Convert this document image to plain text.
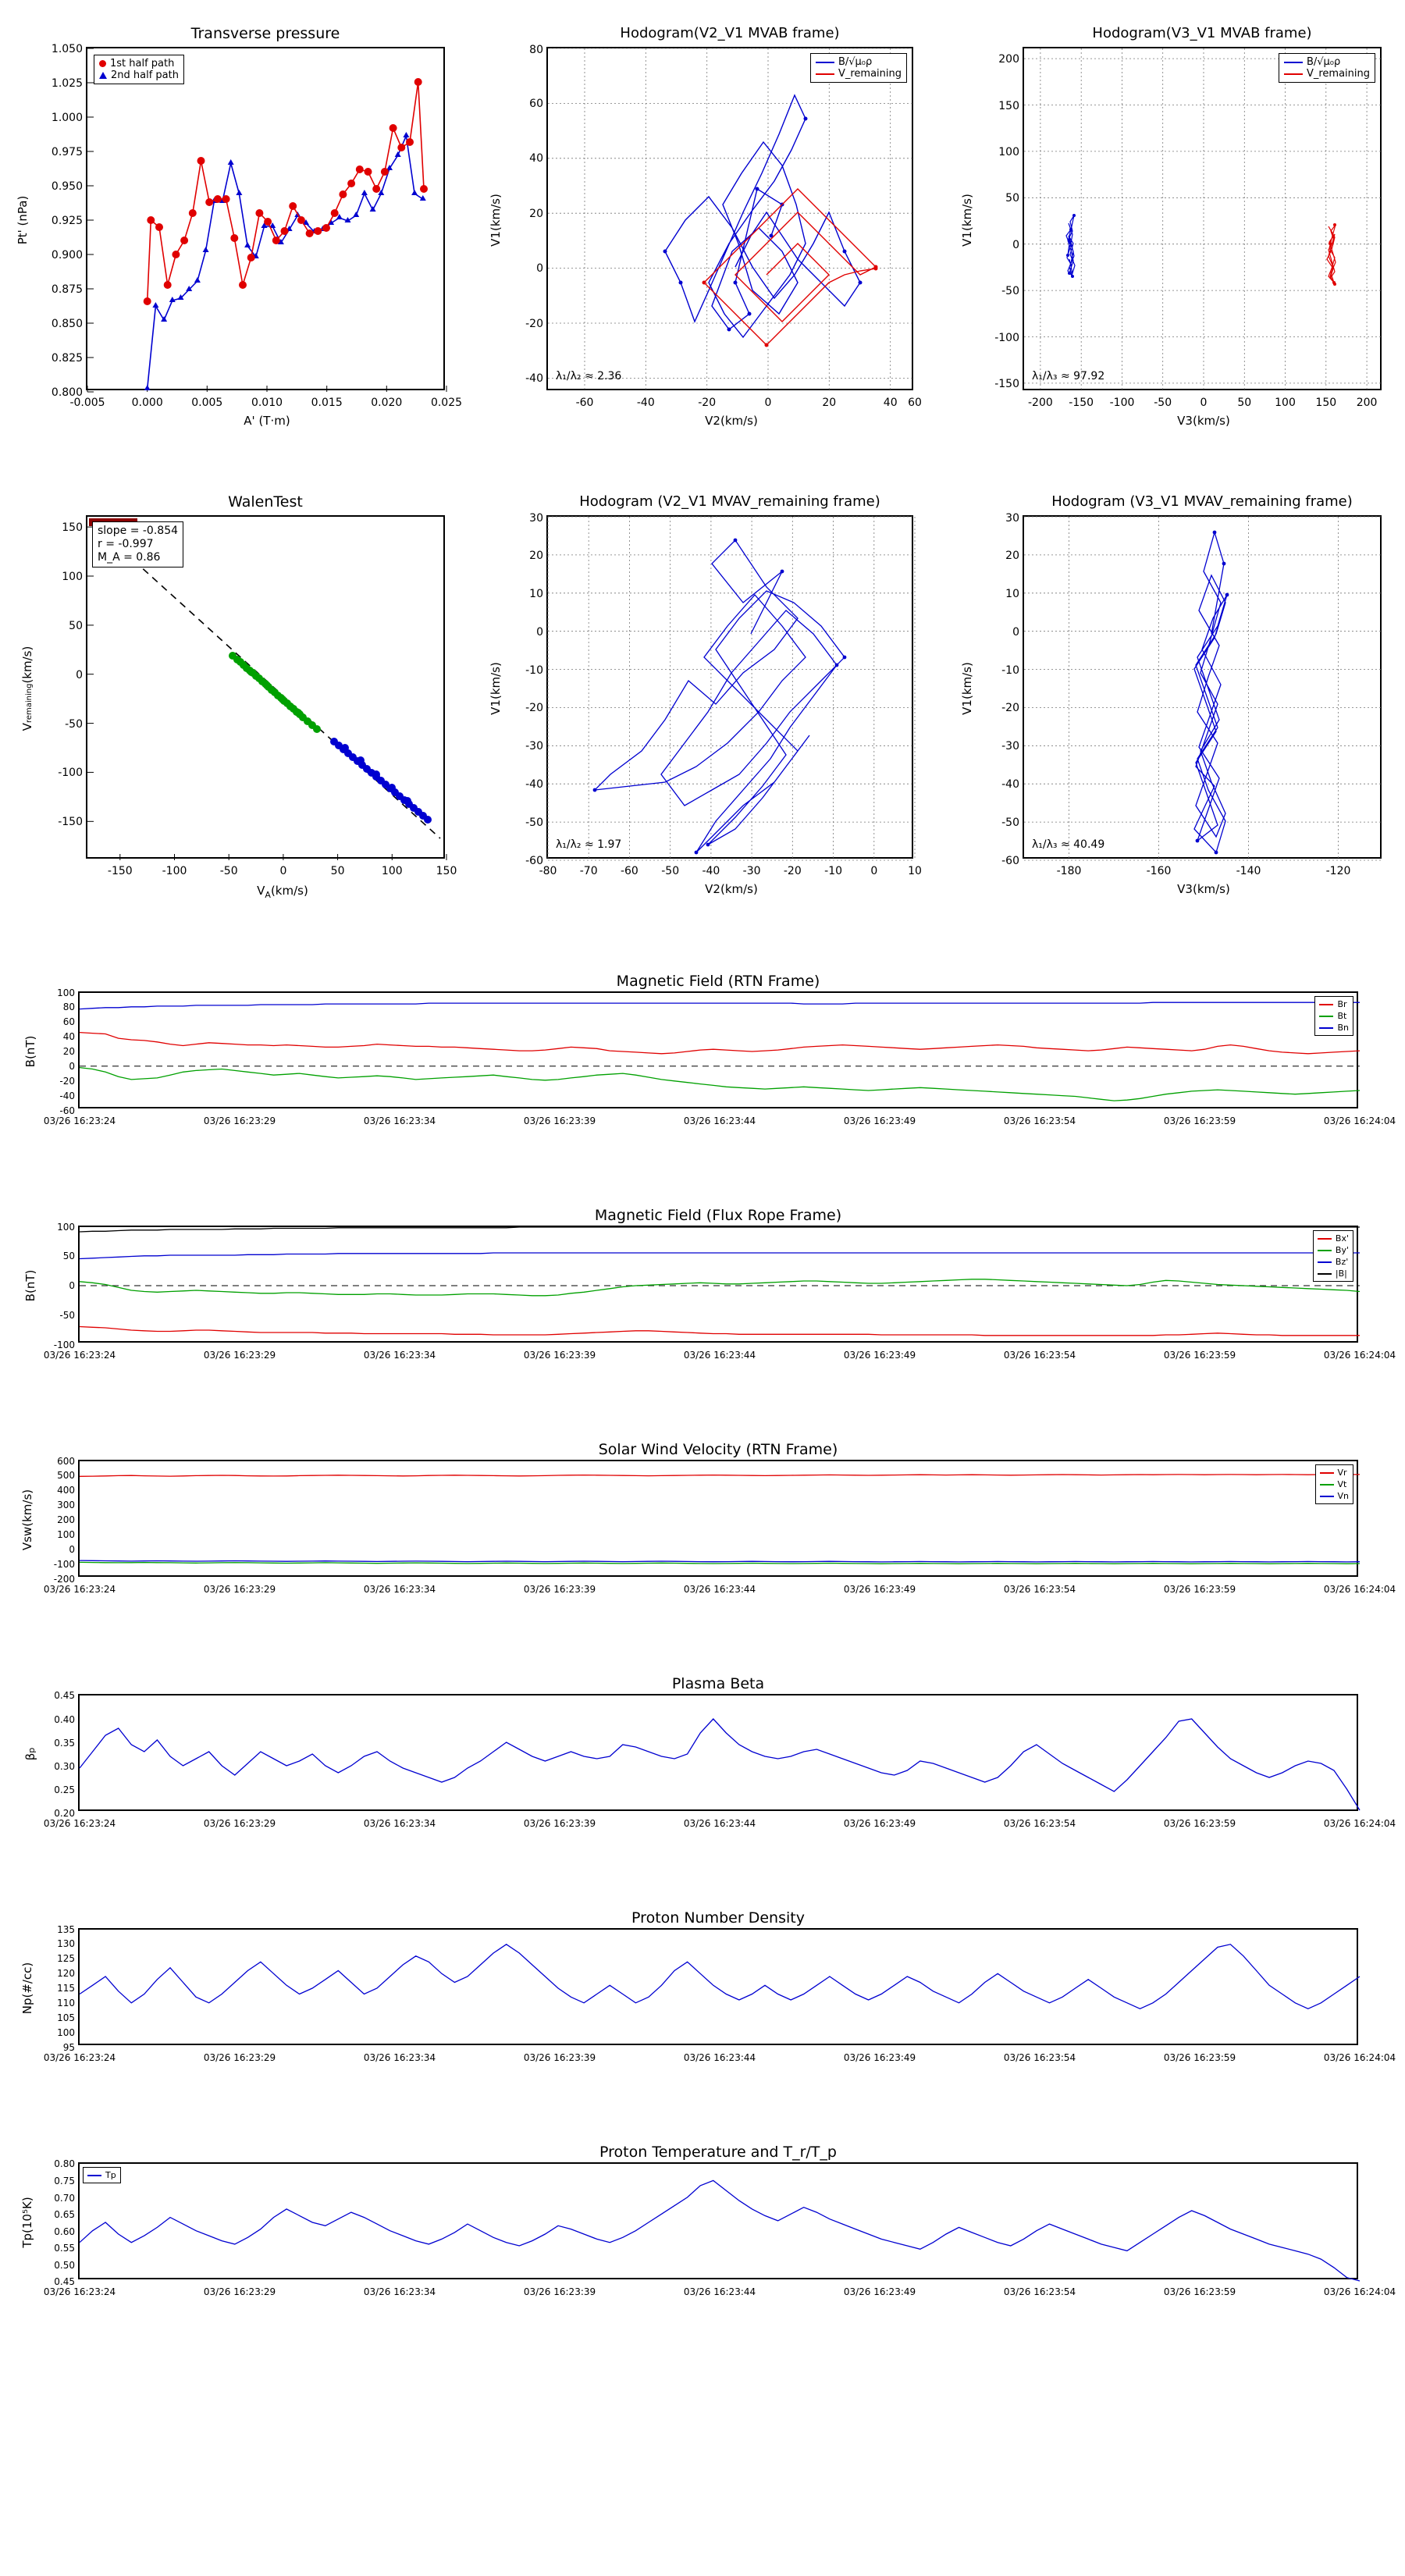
Transverse pressure
-0.005 0.000	0.005	0.010	0.015	0.020	0.025
A' (T·m)
0.800
0.825
0.850
0.875
0.900
0.925
0.950
0.975
1.000
1.025
1.050
Pt' (nPa)
1st half path
2nd half path
Hodogram(V2_V1 MVAB frame)
-60	-40	-20	0	20	40 60
V2(km/s)
-40
-20
0
20
40
60
80
V1(km/s)
B/√μ₀ρ
V_remaining
λ₁/λ₂ ≈ 2.36
Hodogram(V3_V1 MVAB frame)
-200 -150 -100 -50	0	50 100 150 200
V3(km/s)
-150
-100
-50
0
50
100
150
200
V1(km/s)
B/√μ₀ρ
V_remaining
λ₁/λ₃ ≈ 97.92
WalenTest
-150	-100	-50	0	50	100	150
$V_A(km/s)$
-150
-100
-50
0
50
100
150
Vremaining(km/s)
slope = -0.854
r = -0.997
M_A = 0.86
Hodogram (V2_V1 MVAV_remaining frame)
-80 -70 -60 -50 -40 -30 -20 -10	0	10
V2(km/s)
-60
-50
-40
-30
-20
-10
0
10
20
30
V1(km/s)
λ₁/λ₂ ≈ 1.97
Hodogram (V3_V1 MVAV_remaining frame)
-180	-160	-140	-120
V3(km/s)
-60
-50
-40
-30
-20
-10
0
10
20
30
V1(km/s)
λ₁/λ₃ ≈ 40.49
Magnetic Field (RTN Frame)
-60
-40
-20
0
20
40
60
80
100
B(nT)
03/26 16:23:24	03/26 16:23:29	03/26 16:23:34	03/26 16:23:39	03/26 16:23:44	03/26 16:23:49	03/26 16:23:54	03/26 16:23:59	03/26 16:24:04
Br
Bt
Bn
Magnetic Field (Flux Rope Frame)
-100
-50
0
50
100
B(nT)
03/26 16:23:24	03/26 16:23:29	03/26 16:23:34	03/26 16:23:39	03/26 16:23:44	03/26 16:23:49	03/26 16:23:54	03/26 16:23:59	03/26 16:24:04
Bx'
By'
Bz'
|B|
Solar Wind Velocity (RTN Frame)
-200
-100
0
100
200
300
400
500
600
Vsw(km/s)
03/26 16:23:24	03/26 16:23:29	03/26 16:23:34	03/26 16:23:39	03/26 16:23:44	03/26 16:23:49	03/26 16:23:54	03/26 16:23:59	03/26 16:24:04
Vr
Vt
Vn
Plasma Beta
0.20
0.25
0.30
0.35
0.40
0.45
βp
03/26 16:23:24	03/26 16:23:29	03/26 16:23:34	03/26 16:23:39	03/26 16:23:44	03/26 16:23:49	03/26 16:23:54	03/26 16:23:59	03/26 16:24:04
Proton Number Density
95
100
105
110
115
120
125
130
135
Np(#/cc)
03/26 16:23:24	03/26 16:23:29	03/26 16:23:34	03/26 16:23:39	03/26 16:23:44	03/26 16:23:49	03/26 16:23:54	03/26 16:23:59	03/26 16:24:04
Proton Temperature and T_r/T_p
0.45
0.50
0.55
0.60
0.65
0.70
0.75
0.80
Tp(10⁵K)
03/26 16:23:24	03/26 16:23:29	03/26 16:23:34	03/26 16:23:39	03/26 16:23:44	03/26 16:23:49	03/26 16:23:54	03/26 16:23:59	03/26 16:24:04
Tp
